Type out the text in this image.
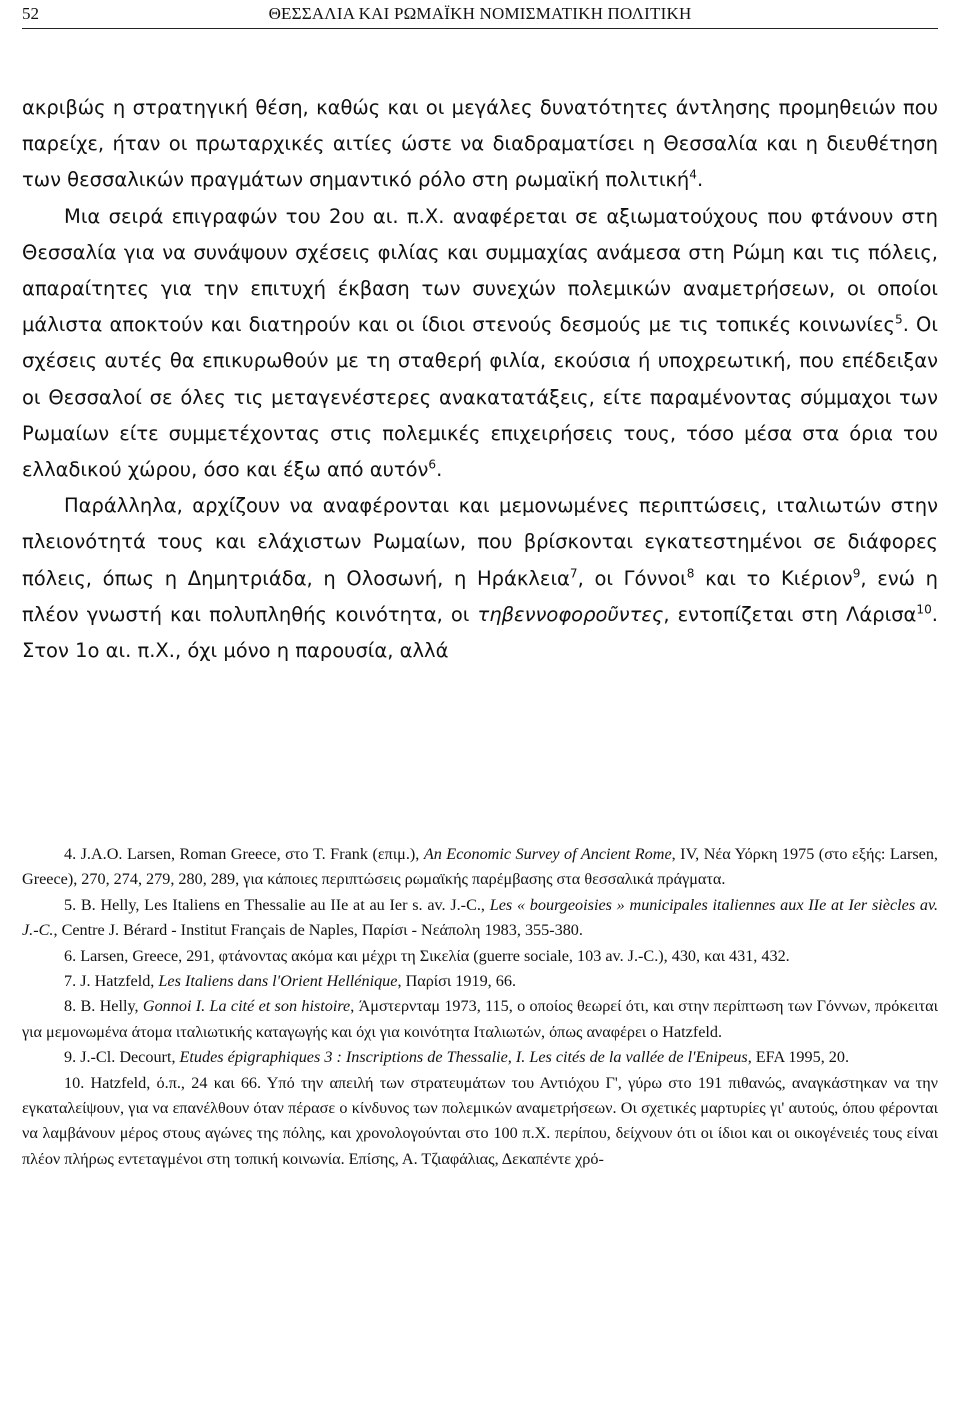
52	ΘΕΣΣΑΛΙΑ ΚΑΙ ΡΩΜΑΪΚΗ ΝΟΜΙΣΜΑΤΙΚΗ ΠΟΛΙΤΙΚΗ

ακριβώς η στρατηγική θέση, καθώς και οι μεγάλες δυνατότητες άντλησης προμηθειών που παρείχε, ήταν οι πρωταρχικές αιτίες ώστε να διαδραματίσει η Θεσσαλία και η διευθέτηση των θεσσαλικών πραγμάτων σημαντικό ρόλο στη ρωμαϊκή πολιτική$^4$.

Μια σειρά επιγραφών του 2ου αι. π.Χ. αναφέρεται σε αξιωματούχους που φτάνουν στη Θεσσαλία για να συνάψουν σχέσεις φιλίας και συμμαχίας ανάμεσα στη Ρώμη και τις πόλεις, απαραίτητες για την επιτυχή έκβαση των συνεχών πολεμικών αναμετρήσεων, οι οποίοι μάλιστα αποκτούν και διατηρούν και οι ίδιοι στενούς δεσμούς με τις τοπικές κοινωνίες$^5$. Οι σχέσεις αυτές θα επικυρωθούν με τη σταθερή φιλία, εκούσια ή υποχρεωτική, που επέδειξαν οι Θεσσαλοί σε όλες τις μεταγενέστερες ανακατατάξεις, είτε παραμένοντας σύμμαχοι των Ρωμαίων είτε συμμετέχοντας στις πολεμικές επιχειρήσεις τους, τόσο μέσα στα όρια του ελλαδικού χώρου, όσο και έξω από αυτόν$^6$.

Παράλληλα, αρχίζουν να αναφέρονται και μεμονωμένες περιπτώσεις, ιταλιωτών στην πλειονότητά τους και ελάχιστων Ρωμαίων, που βρίσκονται εγκατεστημένοι σε διάφορες πόλεις, όπως η Δημητριάδα, η Ολοσωνή, η Ηράκλεια$^7$, οι Γόννοι$^8$ και το Κιέριον$^9$, ενώ η πλέον γνωστή και πολυπληθής κοινότητα, οι τηβεννοφοροῦντες, εντοπίζεται στη Λάρισα$^{10}$. Στον 1ο αι. π.Χ., όχι μόνο η παρουσία, αλλά

4. J.A.O. Larsen, Roman Greece, στο T. Frank (επιμ.), An Economic Survey of Ancient Rome, IV, Νέα Υόρκη 1975 (στο εξής: Larsen, Greece), 270, 274, 279, 280, 289, για κάποιες περιπτώσεις ρωμαϊκής παρέμβασης στα θεσσαλικά πράγματα.

5. B. Helly, Les Italiens en Thessalie au IIe at au Ier s. av. J.-C., Les « bourgeoisies » municipales italiennes aux IIe at Ier siècles av. J.-C., Centre J. Bérard - Institut Français de Naples, Παρίσι - Νεάπολη 1983, 355-380.

6. Larsen, Greece, 291, φτάνοντας ακόμα και μέχρι τη Σικελία (guerre sociale, 103 av. J.-C.), 430, και 431, 432.

7. J. Hatzfeld, Les Italiens dans l'Orient Hellénique, Παρίσι 1919, 66.

8. B. Helly, Gonnoi I. La cité et son histoire, Άμστερνταμ 1973, 115, ο οποίος θεωρεί ότι, και στην περίπτωση των Γόννων, πρόκειται για μεμονωμένα άτομα ιταλιωτικής καταγωγής και όχι για κοινότητα Ιταλιωτών, όπως αναφέρει ο Hatzfeld.

9. J.-Cl. Decourt, Etudes épigraphiques 3 : Inscriptions de Thessalie, I. Les cités de la vallée de l'Enipeus, EFA 1995, 20.

10. Hatzfeld, ό.π., 24 και 66. Υπό την απειλή των στρατευμάτων του Αντιόχου Γ', γύρω στο 191 πιθανώς, αναγκάστηκαν να την εγκαταλείψουν, για να επανέλθουν όταν πέρασε ο κίνδυνος των πολεμικών αναμετρήσεων. Οι σχετικές μαρτυρίες γι' αυτούς, όπου φέρονται να λαμβάνουν μέρος στους αγώνες της πόλης, και χρονολογούνται στο 100 π.Χ. περίπου, δείχνουν ότι οι ίδιοι και οι οικογένειές τους είναι πλέον πλήρως εντεταγμένοι στη τοπική κοινωνία. Επίσης, Α. Τζιαφάλιας, Δεκαπέντε χρό-
